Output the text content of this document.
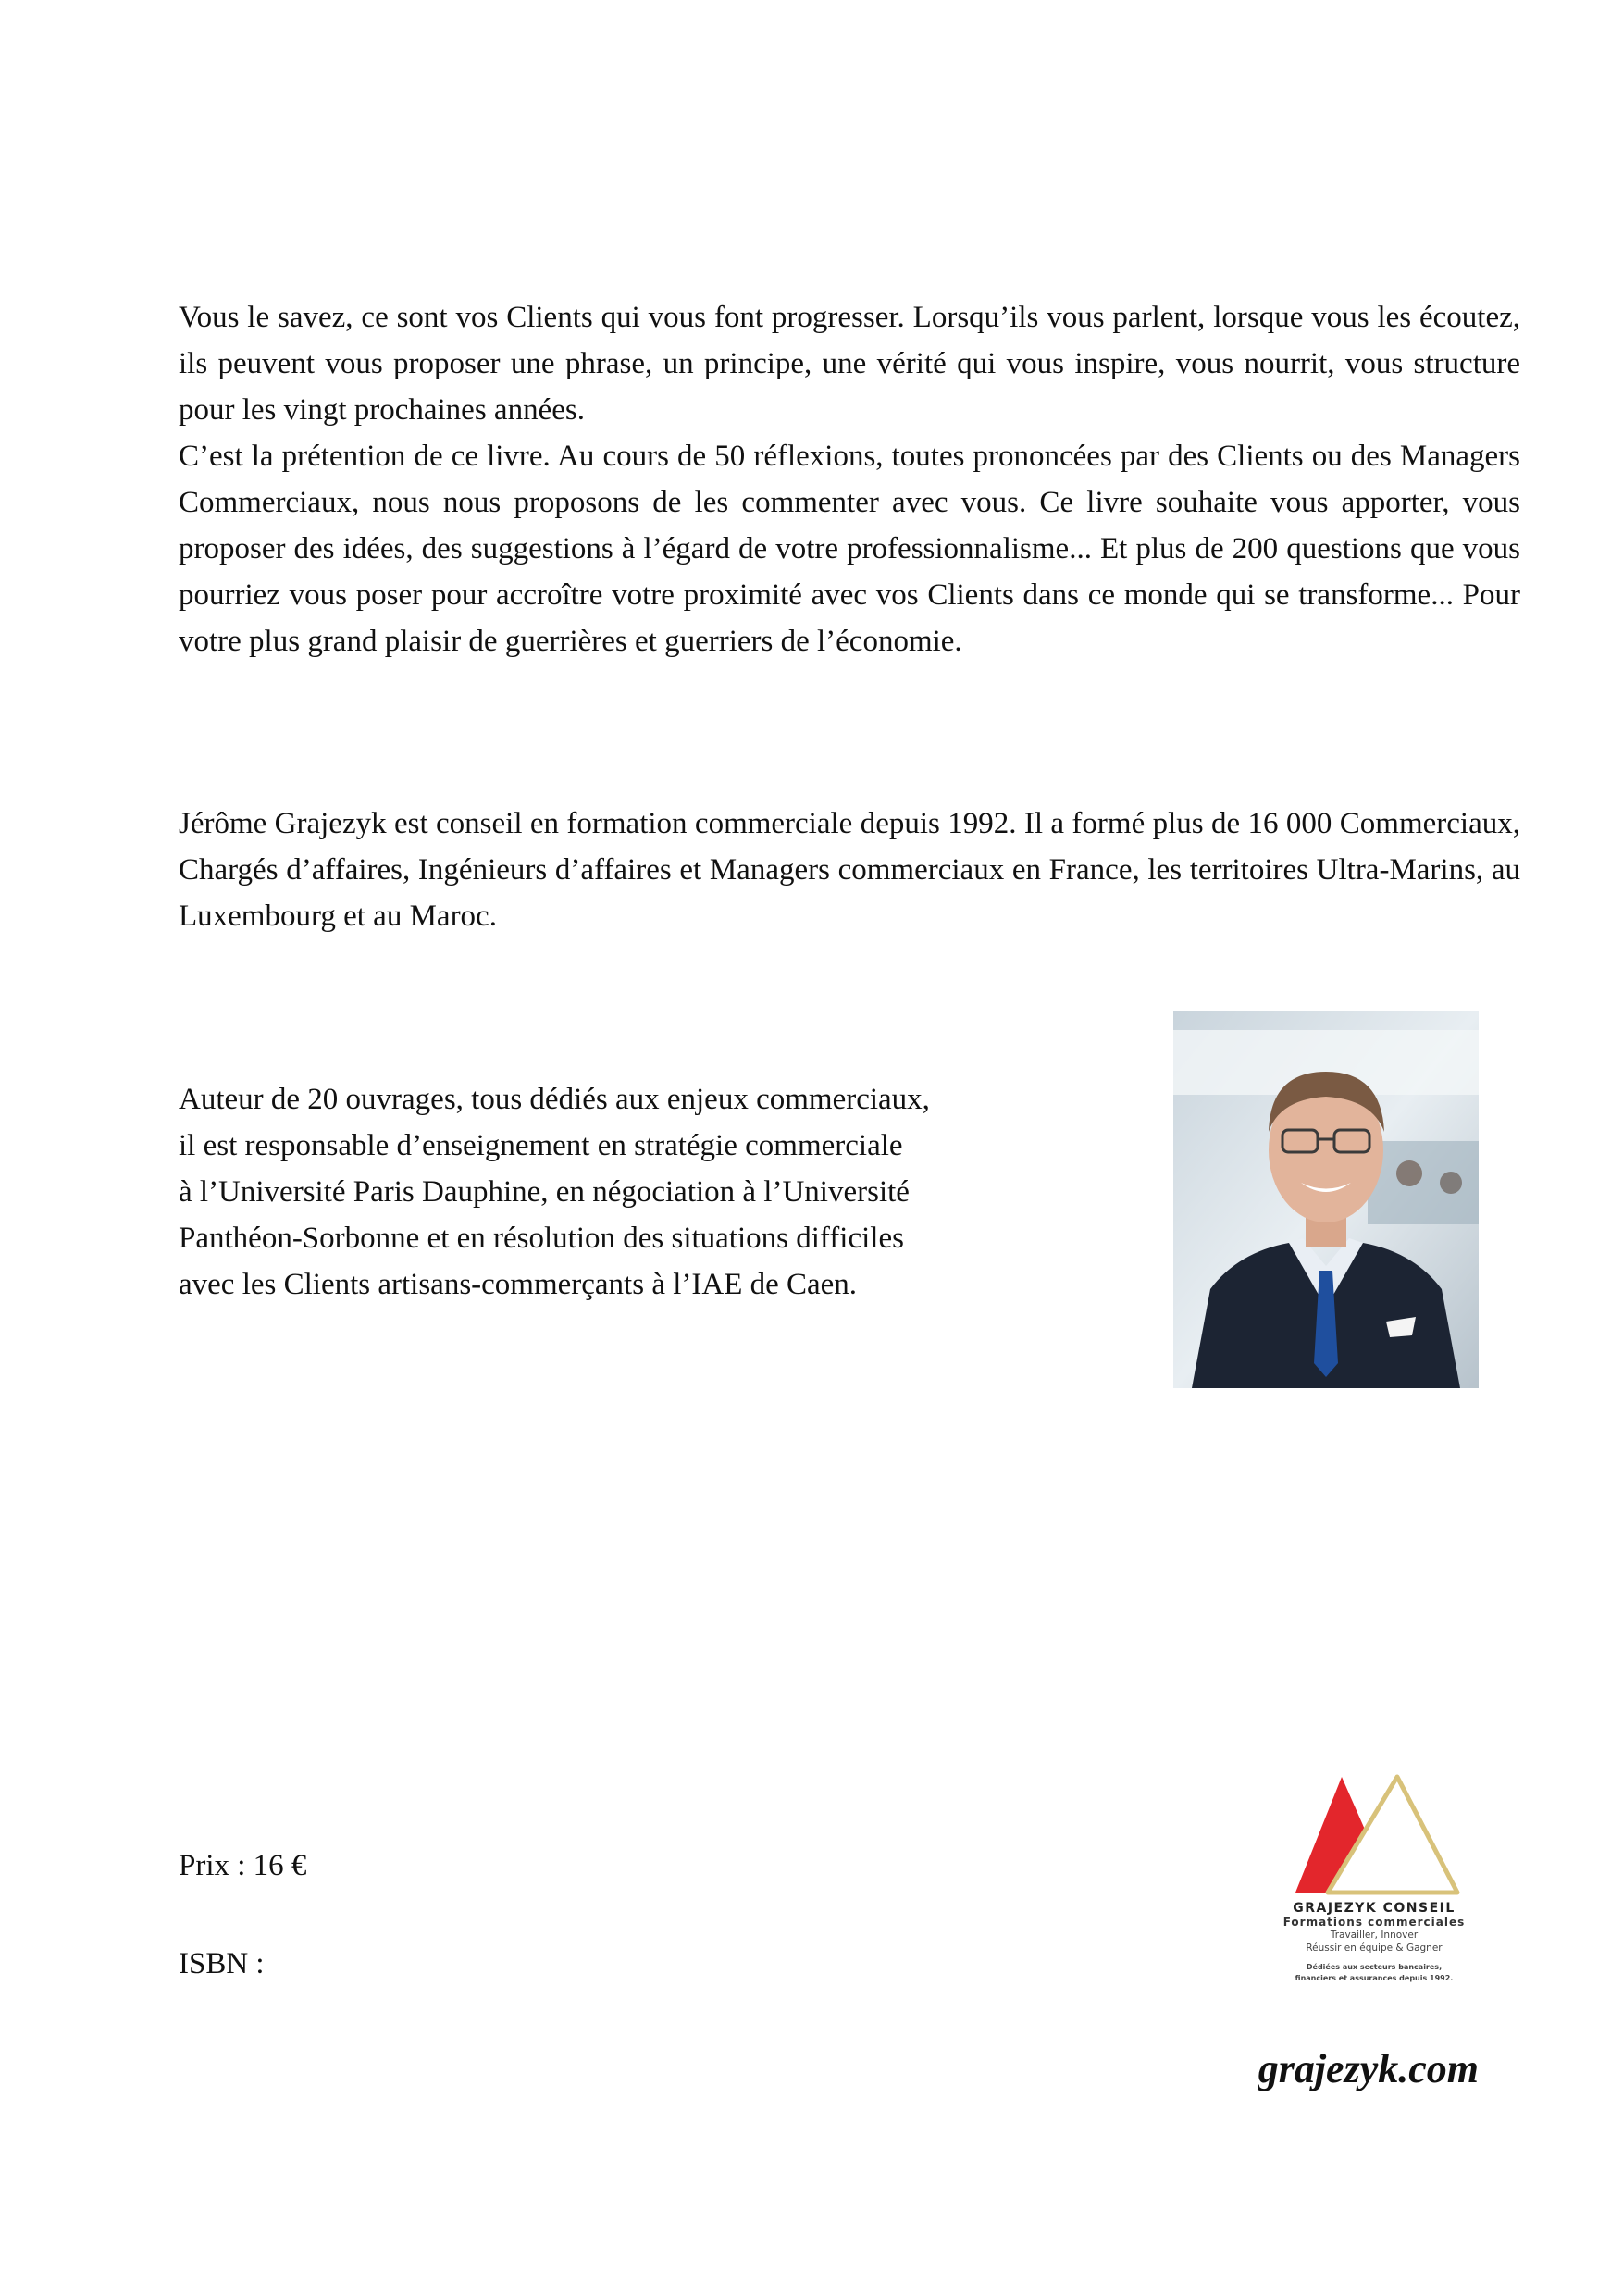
Vous le savez, ce sont vos Clients qui vous font progresser. Lorsqu’ils vous parlent, lorsque vous les écoutez, ils peuvent vous proposer une phrase, un principe, une vérité qui vous inspire, vous nourrit, vous structure pour les vingt prochaines années.

C’est la prétention de ce livre. Au cours de 50 réflexions, toutes prononcées par des Clients ou des Managers Commerciaux, nous nous proposons de les commenter avec vous. Ce livre souhaite vous apporter, vous proposer des idées, des suggestions à l’égard de votre professionnalisme... Et plus de 200 questions que vous pourriez vous poser pour accroître votre proximité avec vos Clients dans ce monde qui se transforme... Pour votre plus grand plaisir de guerrières et guerriers de l’économie.

Jérôme Grajezyk est conseil en formation commerciale depuis 1992. Il a formé plus de 16 000 Commerciaux, Chargés d’affaires, Ingénieurs d’affaires et Managers commerciaux en France, les territoires Ultra-Marins, au Luxembourg et au Maroc.

Auteur de 20 ouvrages, tous dédiés aux enjeux commerciaux,
il est responsable d’enseignement en stratégie commerciale
à l’Université Paris Dauphine, en négociation à l’Université
Panthéon-Sorbonne et en résolution des situations difficiles
avec les Clients artisans-commerçants à l’IAE de Caen.
Prix : 16 €
ISBN :
GRAJEZYK CONSEIL
Formations commerciales
Travailler, Innover
Réussir en équipe & Gagner
Dédiées aux secteurs bancaires,
financiers et assurances depuis 1992.
grajezyk.com
